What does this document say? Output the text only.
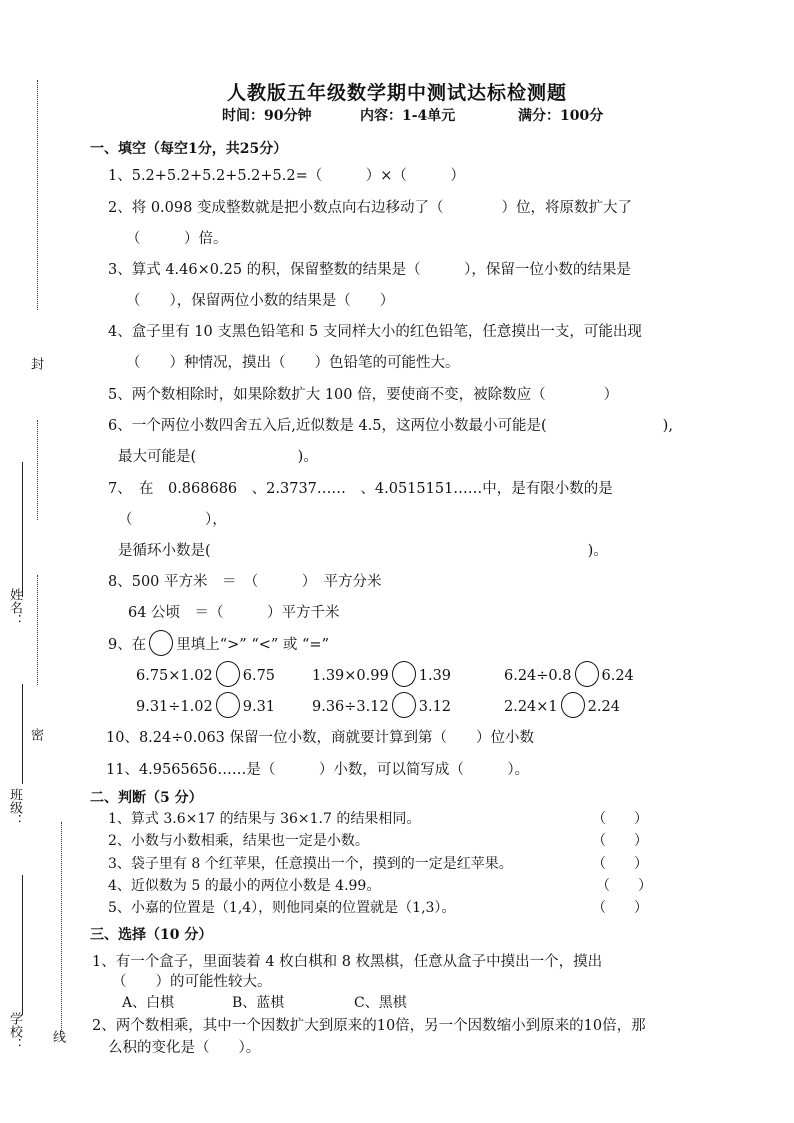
封
姓名：
密
班级：
学校： 线
人教版五年级数学期中测试达标检测题
时间：90分钟	内容：1-4单元	满分：100分
一、填空（每空1分，共25分）
1、5.2+5.2+5.2+5.2+5.2=（　　　）×（　　　）
2、将 0.098 变成整数就是把小数点向右边移动了（　　　　）位，将原数扩大了
（　　　）倍。
3、算式 4.46×0.25 的积，保留整数的结果是（　　　），保留一位小数的结果是
（　　），保留两位小数的结果是（　　）
4、盒子里有 10 支黑色铅笔和 5 支同样大小的红色铅笔，任意摸出一支，可能出现
（　　）种情况，摸出（　　）色铅笔的可能性大。
5、两个数相除时，如果除数扩大 100 倍，要使商不变，被除数应（　　　　）
6、一个两位小数四舍五入后,近似数是 4.5，这两位小数最小可能是(　　　　　　　　),
最大可能是(　　　　　　　)。
7、　在　0.868686　、2.3737……　、4.0515151……中，是有限小数的是
（　　　　　），
是循环小数是(　　　　　　　　　　　　　　　　　　　　　　　　　　)。
8、500 平方米　＝　（　　　）　平方分米
64 公顷　＝（　　　）平方千米
9、在 里填上“>” “<” 或 “=”
6.75×1.02 6.75	1.39×0.99 1.39	6.24÷0.8 6.24
9.31÷1.02 9.31	9.36÷3.12 3.12	2.24×1 2.24
10、8.24÷0.063 保留一位小数，商就要计算到第（　　）位小数
11、4.9565656……是（　　　）小数，可以简写成（　　　）。
二、判断（5 分）
1、算式 3.6×17 的结果与 36×1.7 的结果相同。	（　　）
2、小数与小数相乘，结果也一定是小数。	（　　）
3、袋子里有 8 个红苹果，任意摸出一个，摸到的一定是红苹果。	（　　）
4、近似数为 5 的最小的两位小数是 4.99。	（　　）
5、小嘉的位置是（1,4），则他同桌的位置就是（1,3）。	（　　）
三、选择（10 分）
1、有一个盒子，里面装着 4 枚白棋和 8 枚黑棋，任意从盒子中摸出一个，摸出
（　　）的可能性较大。
A、白棋	B、蓝棋	C、黑棋
2、两个数相乘，其中一个因数扩大到原来的10倍，另一个因数缩小到原来的10倍，那
么积的变化是（　　）。
